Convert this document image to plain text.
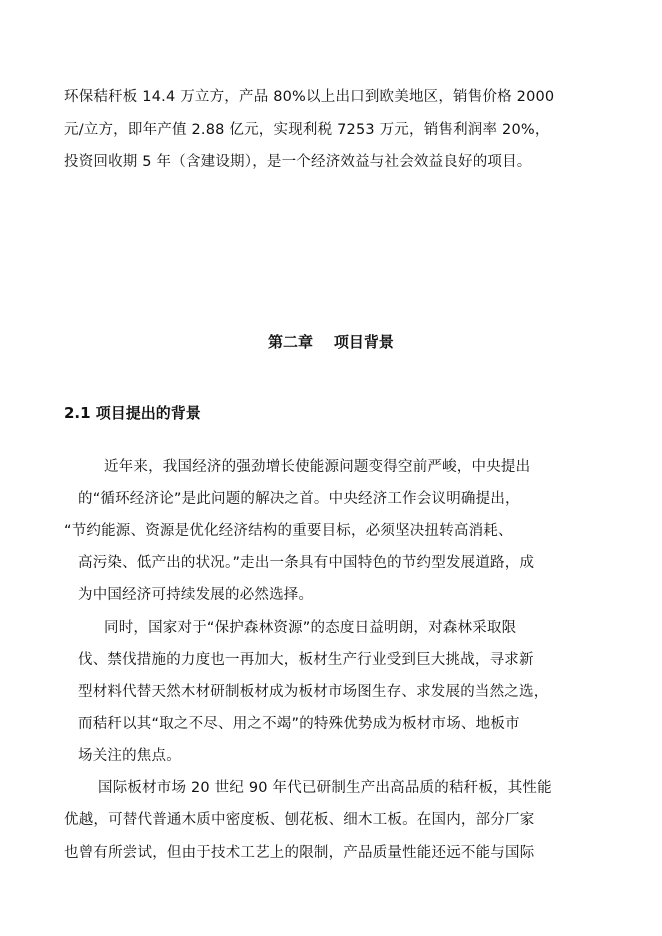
环保秸秆板 14.4 万立方，产品 80%以上出口到欧美地区，销售价格 2000
元/立方，即年产值 2.88 亿元，实现利税 7253 万元，销售利润率 20%，
投资回收期 5 年（含建设期），是一个经济效益与社会效益良好的项目。
第二章    项目背景
2.1 项目提出的背景
近年来，我国经济的强劲增长使能源问题变得空前严峻，中央提出
的“循环经济论”是此问题的解决之首。中央经济工作会议明确提出，
“节约能源、资源是优化经济结构的重要目标，必须坚决扭转高消耗、
高污染、低产出的状况。”走出一条具有中国特色的节约型发展道路，成
为中国经济可持续发展的必然选择。
同时，国家对于“保护森林资源”的态度日益明朗，对森林采取限
伐、禁伐措施的力度也一再加大，板材生产行业受到巨大挑战，寻求新
型材料代替天然木材研制板材成为板材市场图生存、求发展的当然之选，
而秸秆以其“取之不尽、用之不竭”的特殊优势成为板材市场、地板市
场关注的焦点。
国际板材市场 20 世纪 90 年代已研制生产出高品质的秸秆板，其性能
优越，可替代普通木质中密度板、刨花板、细木工板。在国内，部分厂家
也曾有所尝试，但由于技术工艺上的限制，产品质量性能还远不能与国际
